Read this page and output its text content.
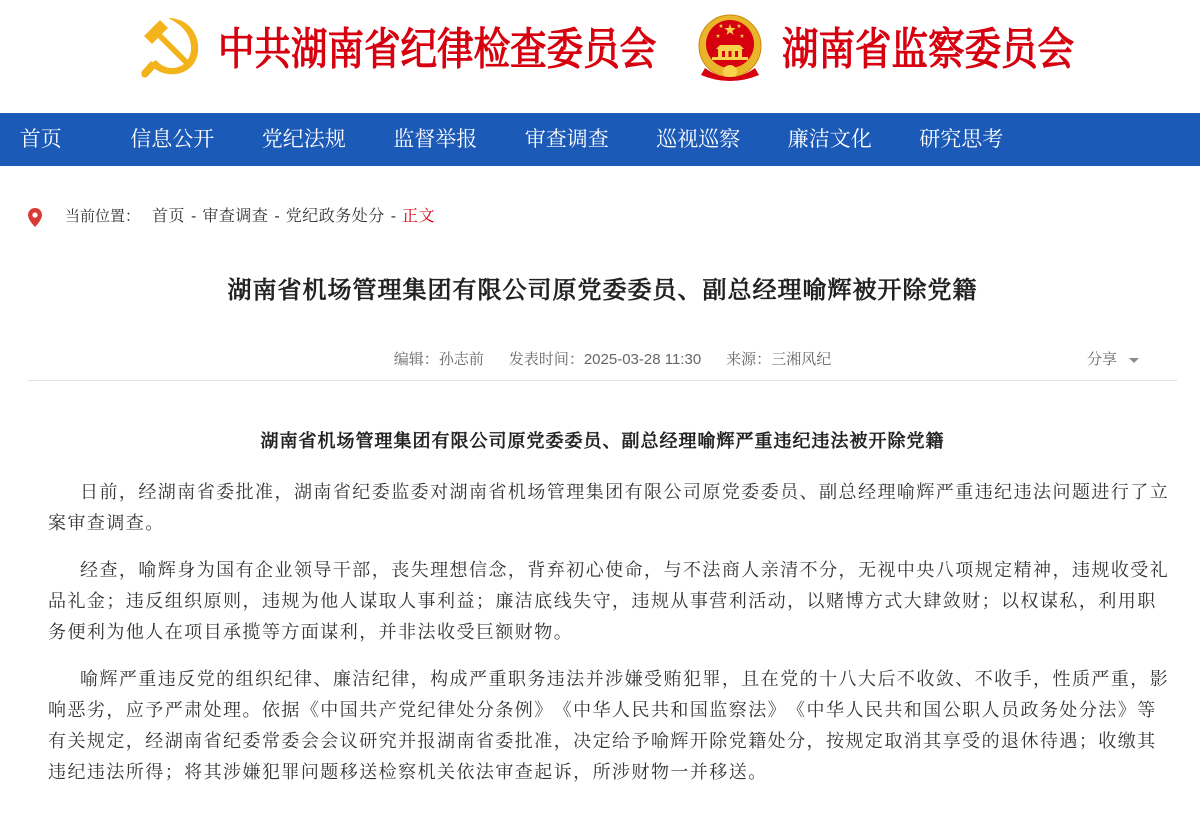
中共湖南省纪律检查委员会	湖南省监察委员会
首页	信息公开	党纪法规	监督举报	审查调查	巡视巡察	廉洁文化	研究思考
当前位置： 首页 - 审查调查 - 党纪政务处分 - 正文
湖南省机场管理集团有限公司原党委委员、副总经理喻辉被开除党籍
编辑：孙志前 发表时间：2025-03-28 11:30 来源：三湘风纪	分享
湖南省机场管理集团有限公司原党委委员、副总经理喻辉严重违纪违法被开除党籍

日前，经湖南省委批准，湖南省纪委监委对湖南省机场管理集团有限公司原党委委员、副总经理喻辉严重违纪违法问题进行了立案审查调查。

经查，喻辉身为国有企业领导干部，丧失理想信念，背弃初心使命，与不法商人亲清不分，无视中央八项规定精神，违规收受礼品礼金；违反组织原则，违规为他人谋取人事利益；廉洁底线失守，违规从事营利活动，以赌博方式大肆敛财；以权谋私，利用职务便利为他人在项目承揽等方面谋利，并非法收受巨额财物。

喻辉严重违反党的组织纪律、廉洁纪律，构成严重职务违法并涉嫌受贿犯罪，且在党的十八大后不收敛、不收手，性质严重，影响恶劣，应予严肃处理。依据《中国共产党纪律处分条例》《中华人民共和国监察法》《中华人民共和国公职人员政务处分法》等有关规定，经湖南省纪委常委会会议研究并报湖南省委批准，决定给予喻辉开除党籍处分，按规定取消其享受的退休待遇；收缴其违纪违法所得；将其涉嫌犯罪问题移送检察机关依法审查起诉，所涉财物一并移送。
